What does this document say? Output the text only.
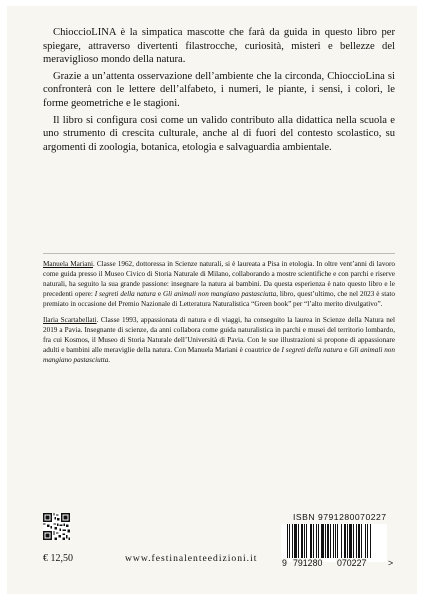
ChioccioLINA è la simpatica mascotte che farà da guida in questo libro per spiegare, attraverso divertenti filastrocche, curiosità, misteri e bellezze del meraviglioso mondo della natura.

Grazie a un’attenta osservazione dell’ambiente che la circonda, ChioccioLina si confronterà con le lettere dell’alfabeto, i numeri, le piante, i sensi, i colori, le forme geometriche e le stagioni.

Il libro si configura così come un valido contributo alla didattica nella scuola e uno strumento di crescita culturale, anche al di fuori del contesto scolastico, su argomenti di zoologia, botanica, etologia e salvaguardia ambientale.

Manuela Mariani. Classe 1962, dottoressa in Scienze naturali, si è laureata a Pisa in etologia. In oltre vent’anni di lavoro come guida presso il Museo Civico di Storia Naturale di Milano, collaborando a mostre scientifiche e con parchi e riserve naturali, ha seguito la sua grande passione: insegnare la natura ai bambini. Da questa esperienza è nato questo libro e le precedenti opere: I segreti della natura e Gli animali non mangiano pastasciutta, libro, quest’ultimo, che nel 2023 è stato premiato in occasione del Premio Nazionale di Letteratura Naturalistica “Green book” per “l’alto merito divulgativo”.

Ilaria Scartabellati. Classe 1993, appassionata di natura e di viaggi, ha conseguito la laurea in Scienze della Natura nel 2019 a Pavia. Insegnante di scienze, da anni collabora come guida naturalistica in parchi e musei del territorio lombardo, fra cui Kosmos, il Museo di Storia Naturale dell’Università di Pavia. Con le sue illustrazioni si propone di appassionare adulti e bambini alle meraviglie della natura. Con Manuela Mariani è coautrice de I segreti della natura e Gli animali non mangiano pastasciutta.

€ 12,50	www.festinalenteedizioni.it
ISBN 9791280070227
9 791280 070227 >
